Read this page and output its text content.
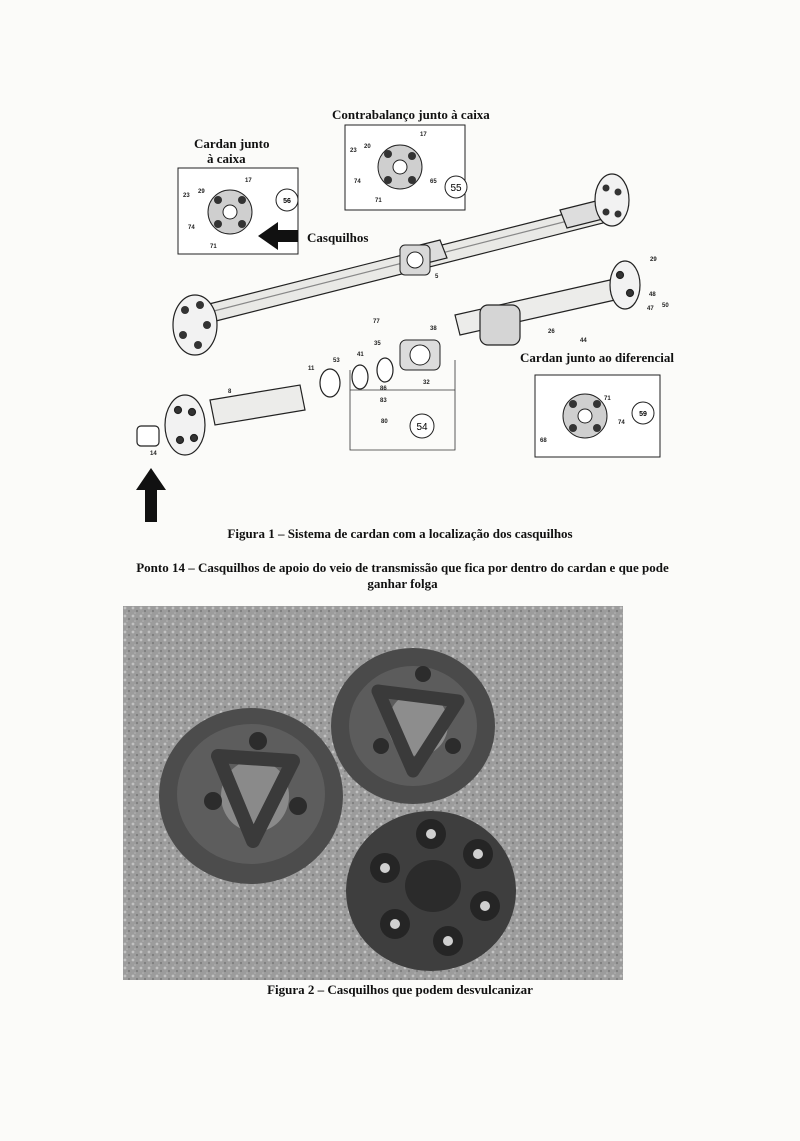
55
56
59
54
17
23
20
74
71
65
17
23
29
74
71
5
29
48
47 50
77
26
44
38
35
41
53
11
8	86
83
80
32
14
71
74
68
Contrabalanço junto à caixa
Cardan junto
à caixa
Casquilhos
Cardan junto ao diferencial
Figura 1 – Sistema de cardan com a localização dos casquilhos
Ponto 14 – Casquilhos de apoio do veio de transmissão que fica por dentro do cardan e que pode
ganhar folga
Figura 2 – Casquilhos que podem desvulcanizar
